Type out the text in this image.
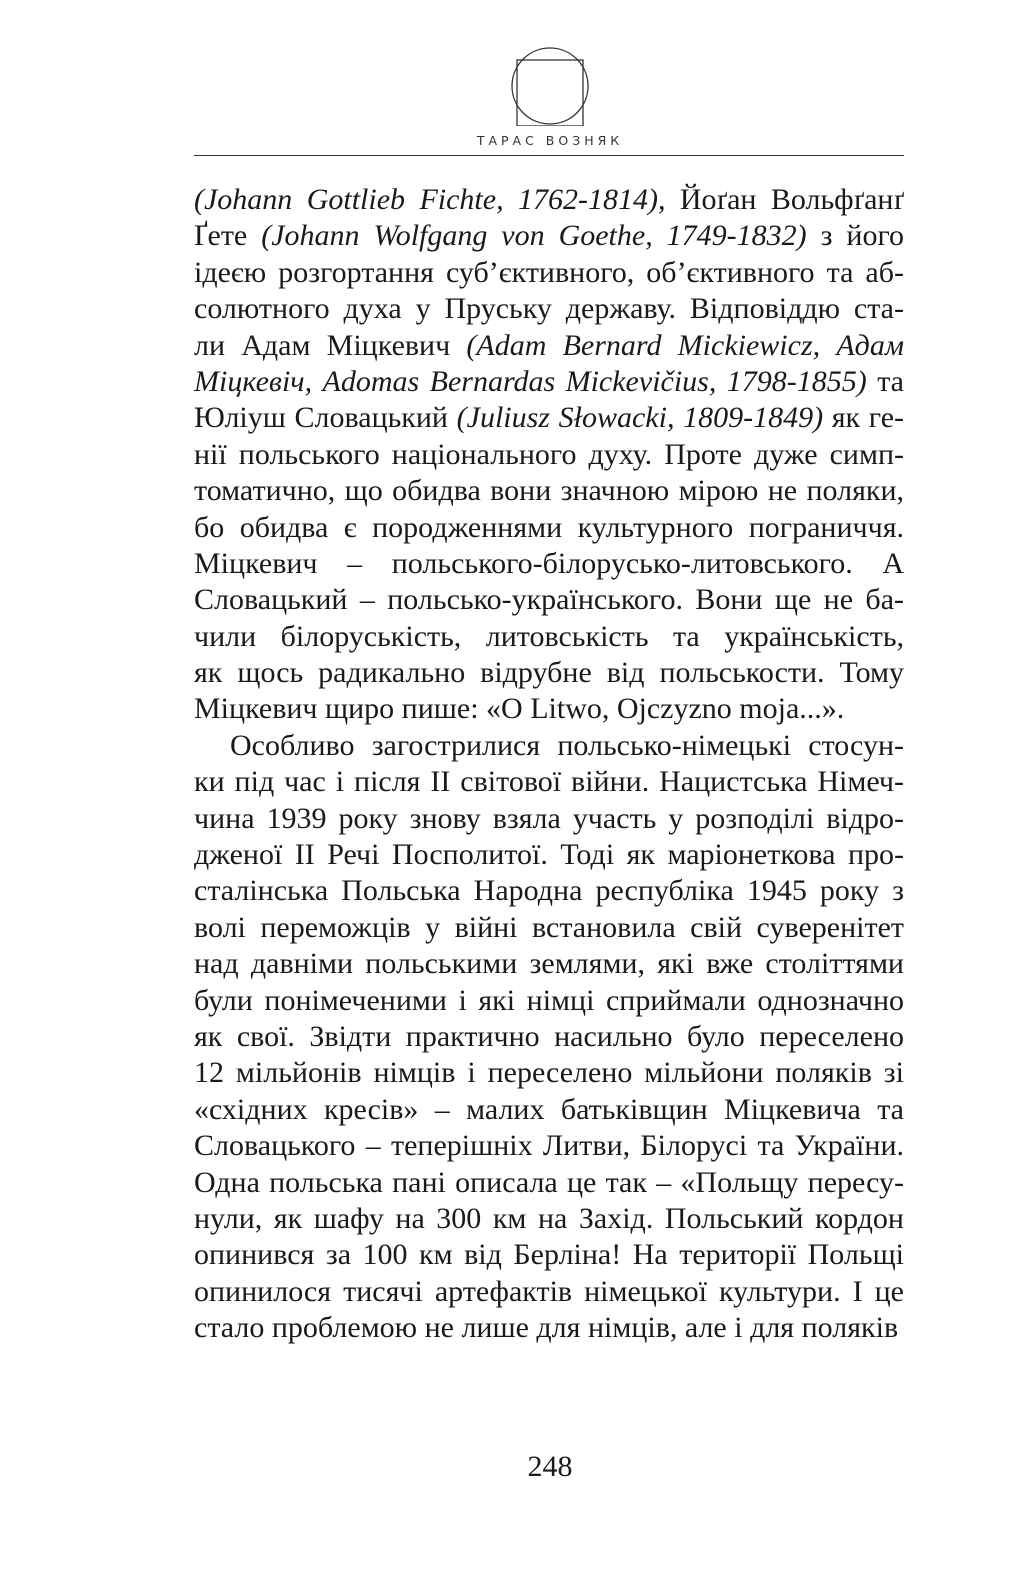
ТАРАС ВОЗНЯК
(Johann Gottlieb Fichte, 1762-1814), Йоґан Вольфґанґ
Ґете (Johann Wolfgang von Goethe, 1749-1832) з його
ідеєю розгортання суб’єктивного, об’єктивного та аб-
солютного духа у Пруську державу. Відповіддю ста-
ли Адам Міцкевич (Adam Bernard Mickiewicz, Адам
Міцкевіч, Adomas Bernardas Mickevičius, 1798-1855) та
Юліуш Словацький (Juliusz Słowacki, 1809-1849) як ге-
нії польського національного духу. Проте дуже симп-
томатично, що обидва вони значною мірою не поляки,
бо обидва є породженнями культурного пограниччя.
Міцкевич – польського-білорусько-литовського. А
Словацький – польсько-українського. Вони ще не ба-
чили білоруськість, литовськість та українськість,
як щось радикально відрубне від польськости. Тому
Міцкевич щиро пише: «O Litwo, Ojczyzno moja...».
Особливо загострилися польсько-німецькі стосун-
ки під час і після ІІ світової війни. Нацистська Німеч-
чина 1939 року знову взяла участь у розподілі відро-
дженої ІІ Речі Посполитої. Тоді як маріонеткова про-
сталінська Польська Народна республіка 1945 року з
волі переможців у війні встановила свій суверенітет
над давніми польськими землями, які вже століттями
були понімеченими і які німці сприймали однозначно
як свої. Звідти практично насильно було переселено
12 мільйонів німців і переселено мільйони поляків зі
«східних кресів» – малих батьківщин Міцкевича та
Словацького – теперішніх Литви, Білорусі та України.
Одна польська пані описала це так – «Польщу пересу-
нули, як шафу на 300 км на Захід. Польський кордон
опинився за 100 км від Берліна! На території Польщі
опинилося тисячі артефактів німецької культури. І це
стало проблемою не лише для німців, але і для поляків
248
